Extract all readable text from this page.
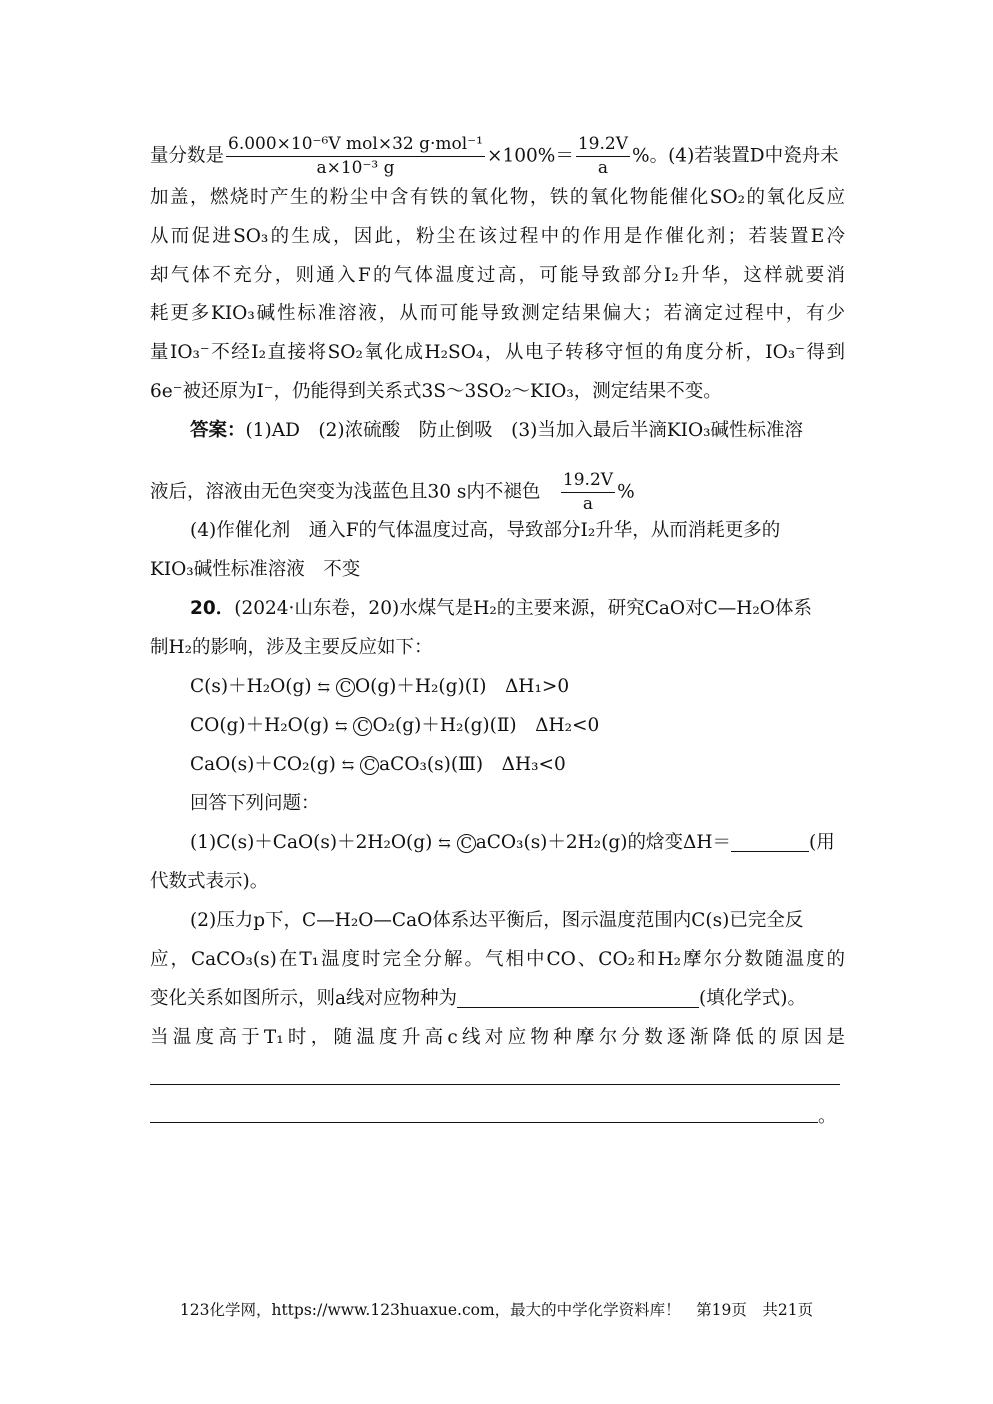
量分数是 $\frac{\text{6.000×10⁻⁶V mol×32 g·mol⁻¹}}{\text{a×10⁻³ g}} \times 100\%= \frac{19.2V}{a}$ %。(4)若装置D中瓷舟未
加盖，燃烧时产生的粉尘中含有铁的氧化物，铁的氧化物能催化SO₂的氧化反应
从而促进SO₃的生成，因此，粉尘在该过程中的作用是作催化剂；若装置E冷
却气体不充分，则通入F的气体温度过高，可能导致部分I₂升华，这样就要消
耗更多KIO₃碱性标准溶液，从而可能导致测定结果偏大；若滴定过程中，有少
量IO₃⁻不经I₂直接将SO₂氧化成H₂SO₄，从电子转移守恒的角度分析，IO₃⁻得到
6e⁻被还原为I⁻，仍能得到关系式3S～3SO₂～KIO₃，测定结果不变。
答案：(1)AD　(2)浓硫酸　防止倒吸　(3)当加入最后半滴KIO₃碱性标准溶
液后，溶液由无色突变为浅蓝色且30 s内不褪色　 $\frac{19.2V}{a}$ %
(4)作催化剂　通入F的气体温度过高，导致部分I₂升华，从而消耗更多的
KIO₃碱性标准溶液　不变
20．(2024·山东卷，20)水煤气是H₂的主要来源，研究CaO对C—H₂O体系
制H₂的影响，涉及主要反应如下：
C(s)＋H₂O(g) ⇆ C O(g)＋H₂(g)(Ⅰ)　ΔH₁>0
CO(g)＋H₂O(g) ⇆ C O₂(g)＋H₂(g)(Ⅱ)　ΔH₂<0
CaO(s)＋CO₂(g) ⇆ C aCO₃(s)(Ⅲ)　ΔH₃<0
回答下列问题：
(1)C(s)＋CaO(s)＋2H₂O(g) ⇆ C aCO₃(s)＋2H₂(g)的焓变ΔH＝	(用
代数式表示)。
(2)压力p下，C—H₂O—CaO体系达平衡后，图示温度范围内C(s)已完全反
应，CaCO₃(s)在T₁温度时完全分解。气相中CO、CO₂和H₂摩尔分数随温度的
变化关系如图所示，则a线对应物种为	(填化学式)。
当温度高于T₁时，随温度升高c线对应物种摩尔分数逐渐降低的原因是
。
123化学网，https://www.123huaxue.com，最大的中学化学资料库！　第19页　共21页
